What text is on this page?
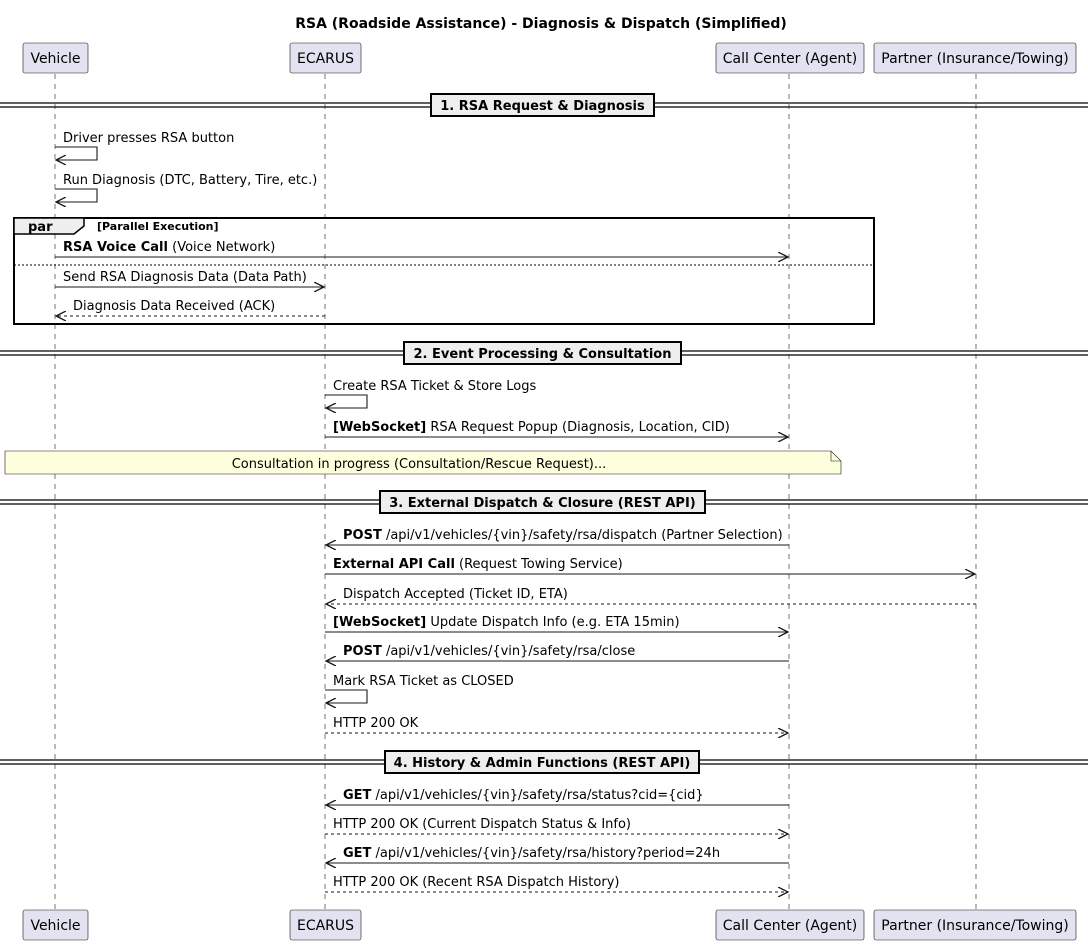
RSA (Roadside Assistance) - Diagnosis & Dispatch (Simplified)
Vehicle	ECARUS	Call Center (Agent) Partner (Insurance/Towing)
Vehicle	ECARUS	Call Center (Agent) Partner (Insurance/Towing)
1. RSA Request & Diagnosis
2. Event Processing & Consultation
3. External Dispatch & Closure (REST API)
4. History & Admin Functions (REST API)
par	[Parallel Execution]
Consultation in progress (Consultation/Rescue Request)...
Driver presses RSA button
Run Diagnosis (DTC, Battery, Tire, etc.)
RSA Voice Call (Voice Network)
Send RSA Diagnosis Data (Data Path)
Diagnosis Data Received (ACK)
Create RSA Ticket & Store Logs
[WebSocket] RSA Request Popup (Diagnosis, Location, CID)
POST /api/v1/vehicles/{vin}/safety/rsa/dispatch (Partner Selection)
External API Call (Request Towing Service)
Dispatch Accepted (Ticket ID, ETA)
[WebSocket] Update Dispatch Info (e.g. ETA 15min)
POST /api/v1/vehicles/{vin}/safety/rsa/close
Mark RSA Ticket as CLOSED
HTTP 200 OK
GET /api/v1/vehicles/{vin}/safety/rsa/status?cid={cid}
HTTP 200 OK (Current Dispatch Status & Info)
GET /api/v1/vehicles/{vin}/safety/rsa/history?period=24h
HTTP 200 OK (Recent RSA Dispatch History)
